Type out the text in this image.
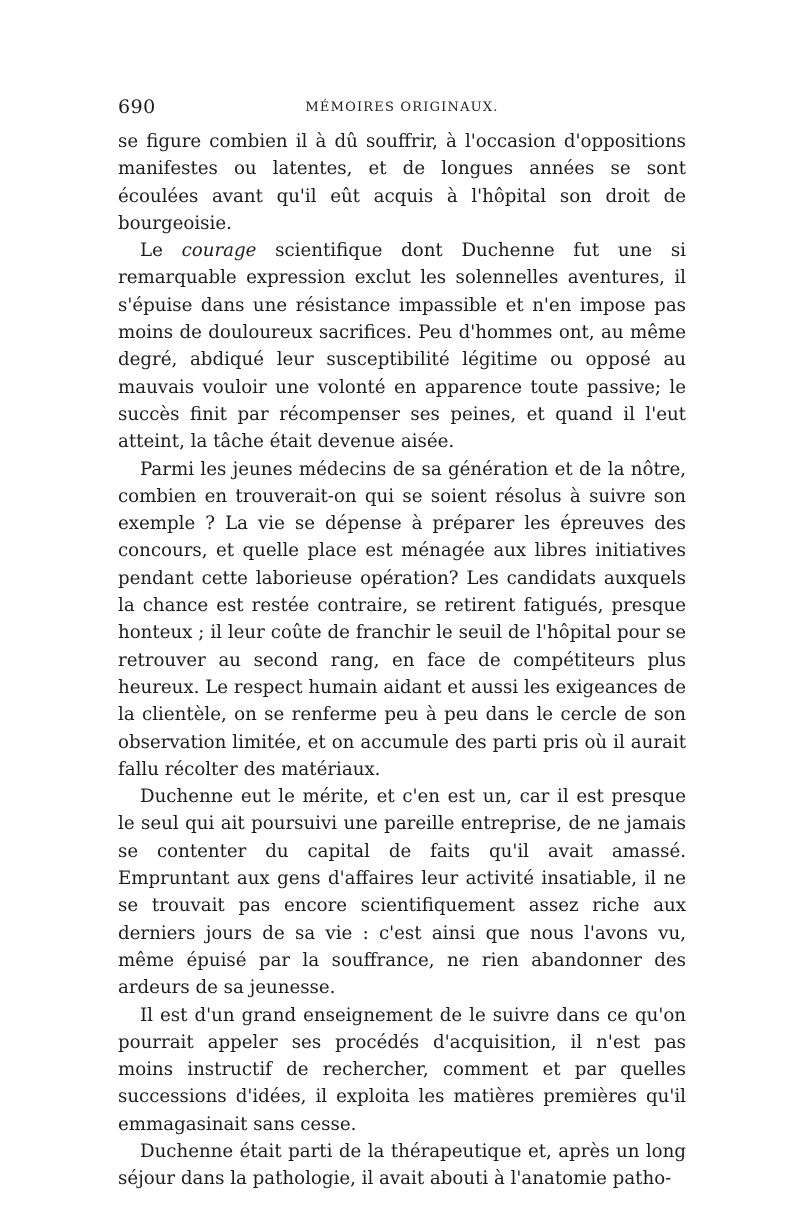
690	MÉMOIRES ORIGINAUX.

se figure combien il à dû souffrir, à l'occasion d'oppositions manifestes ou latentes, et de longues années se sont écoulées avant qu'il eût acquis à l'hôpital son droit de bourgeoisie.

Le courage scientifique dont Duchenne fut une si remarquable expression exclut les solennelles aventures, il s'épuise dans une résistance impassible et n'en impose pas moins de douloureux sacrifices. Peu d'hommes ont, au même degré, abdiqué leur susceptibilité légitime ou opposé au mauvais vouloir une volonté en apparence toute passive; le succès finit par récompenser ses peines, et quand il l'eut atteint, la tâche était devenue aisée.

Parmi les jeunes médecins de sa génération et de la nôtre, combien en trouverait-on qui se soient résolus à suivre son exemple ? La vie se dépense à préparer les épreuves des concours, et quelle place est ménagée aux libres initiatives pendant cette laborieuse opération? Les candidats auxquels la chance est restée contraire, se retirent fatigués, presque honteux ; il leur coûte de franchir le seuil de l'hôpital pour se retrouver au second rang, en face de compétiteurs plus heureux. Le respect humain aidant et aussi les exigeances de la clientèle, on se renferme peu à peu dans le cercle de son observation limitée, et on accumule des parti pris où il aurait fallu récolter des matériaux.

Duchenne eut le mérite, et c'en est un, car il est presque le seul qui ait poursuivi une pareille entreprise, de ne jamais se contenter du capital de faits qu'il avait amassé. Empruntant aux gens d'affaires leur activité insatiable, il ne se trouvait pas encore scientifiquement assez riche aux derniers jours de sa vie : c'est ainsi que nous l'avons vu, même épuisé par la souffrance, ne rien abandonner des ardeurs de sa jeunesse.

Il est d'un grand enseignement de le suivre dans ce qu'on pourrait appeler ses procédés d'acquisition, il n'est pas moins instructif de rechercher, comment et par quelles successions d'idées, il exploita les matières premières qu'il emmagasinait sans cesse.

Duchenne était parti de la thérapeutique et, après un long séjour dans la pathologie, il avait abouti à l'anatomie patho-
